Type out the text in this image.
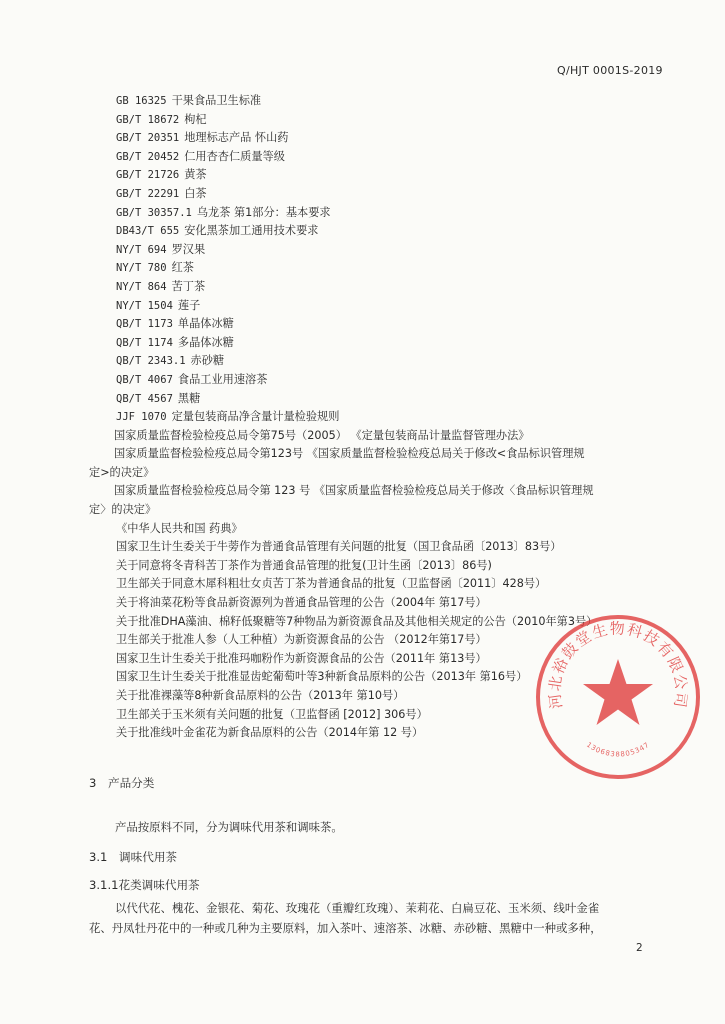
Q/HJT 0001S-2019
GB 16325 干果食品卫生标准
GB/T 18672 枸杞
GB/T 20351 地理标志产品 怀山药
GB/T 20452 仁用杏杏仁质量等级
GB/T 21726 黄茶
GB/T 22291 白茶
GB/T 30357.1 乌龙茶 第1部分：基本要求
DB43/T 655 安化黑茶加工通用技术要求
NY/T 694 罗汉果
NY/T 780 红茶
NY/T 864 苦丁茶
NY/T 1504 莲子
QB/T 1173 单晶体冰糖
QB/T 1174 多晶体冰糖
QB/T 2343.1 赤砂糖
QB/T 4067 食品工业用速溶茶
QB/T 4567 黑糖
JJF 1070 定量包装商品净含量计量检验规则
国家质量监督检验检疫总局令第75号（2005） 《定量包装商品计量监督管理办法》
国家质量监督检验检疫总局令第123号 《国家质量监督检验检疫总局关于修改<食品标识管理规
定>的决定》
国家质量监督检验检疫总局令第 123 号 《国家质量监督检验检疫总局关于修改〈食品标识管理规
定〉的决定》
《中华人民共和国 药典》
国家卫生计生委关于牛蒡作为普通食品管理有关问题的批复（国卫食品函〔2013〕83号）
关于同意将冬青科苦丁茶作为普通食品管理的批复(卫计生函〔2013〕86号)
卫生部关于同意木犀科粗壮女贞苦丁茶为普通食品的批复（卫监督函〔2011〕428号）
关于将油菜花粉等食品新资源列为普通食品管理的公告（2004年 第17号）
关于批准DHA藻油、棉籽低聚糖等7种物品为新资源食品及其他相关规定的公告（2010年第3号）
卫生部关于批准人参（人工种植）为新资源食品的公告 （2012年第17号）
国家卫生计生委关于批准玛咖粉作为新资源食品的公告（2011年 第13号）
国家卫生计生委关于批准显齿蛇葡萄叶等3种新食品原料的公告（2013年 第16号）
关于批准裸藻等8种新食品原料的公告（2013年 第10号）
卫生部关于玉米须有关问题的批复（卫监督函 [2012] 306号）
关于批准线叶金雀花为新食品原料的公告（2014年第 12 号）
3　产品分类
产品按原料不同，分为调味代用茶和调味茶。
3.1　调味代用茶
3.1.1花类调味代用茶
以代代花、槐花、金银花、菊花、玫瑰花（重瓣红玫瑰）、茉莉花、白扁豆花、玉米须、线叶金雀
花、丹凤牡丹花中的一种或几种为主要原料，加入茶叶、速溶茶、冰糖、赤砂糖、黑糖中一种或多种，
2
河北裕鼓堂生物科技有限公司
1306838805347
